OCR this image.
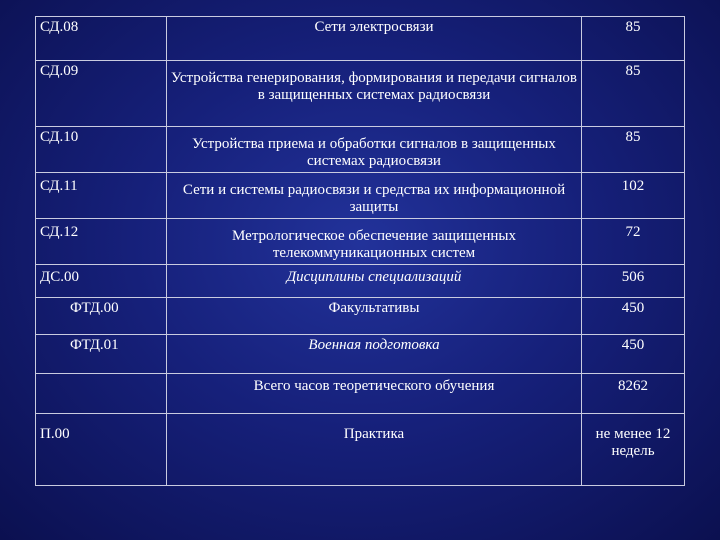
СД.08	Сети электросвязи	85
СД.09	Устройства генерирования, формирования и передачи сигналов в защищенных системах радиосвязи	85
СД.10	Устройства приема и обработки сигналов в защищенных системах радиосвязи	85
СД.11	Сети и системы радиосвязи и средства их информационной защиты	102
СД.12	Метрологическое обеспечение защищенных телекоммуникационных систем	72
ДС.00	Дисциплины специализаций	506
ФТД.00	Факультативы	450
ФТД.01	Военная подготовка	450
	Всего часов теоретического обучения	8262
П.00	Практика	не менее 12 недель
